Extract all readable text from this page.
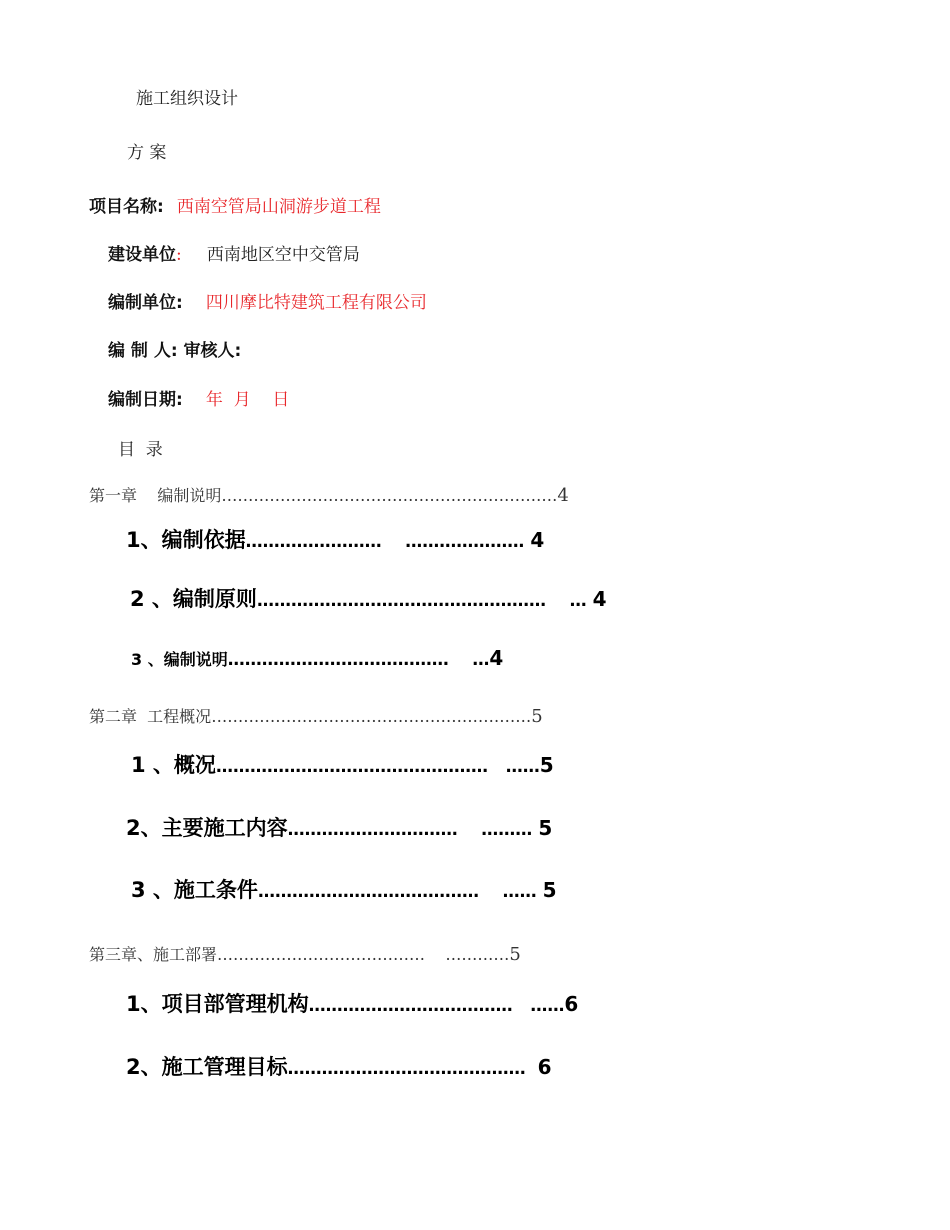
施工组织设计
方 案
项目名称: 西南空管局山洞游步道工程
建设单位: 西南地区空中交管局
编制单位: 四川摩比特建筑工程有限公司
编 制 人: 审核人:
编制日期: 年  月    日
目  录
第一章    编制说明………………………………………………………4
1、编制依据……………………    ………………… 4
2 、编制原则……………………………………………    … 4
3 、编制说明…………………………………    …4
第二章  工程概况……………………………………………………5
1 、概况…………………………………………   ……5
2、主要施工内容…………………………    ……… 5
3 、施工条件…………………………………    …… 5
第三章、施工部署…………………………………    …………5
1、项目部管理机构………………………………   ……6
2、施工管理目标…………………………………… 6
